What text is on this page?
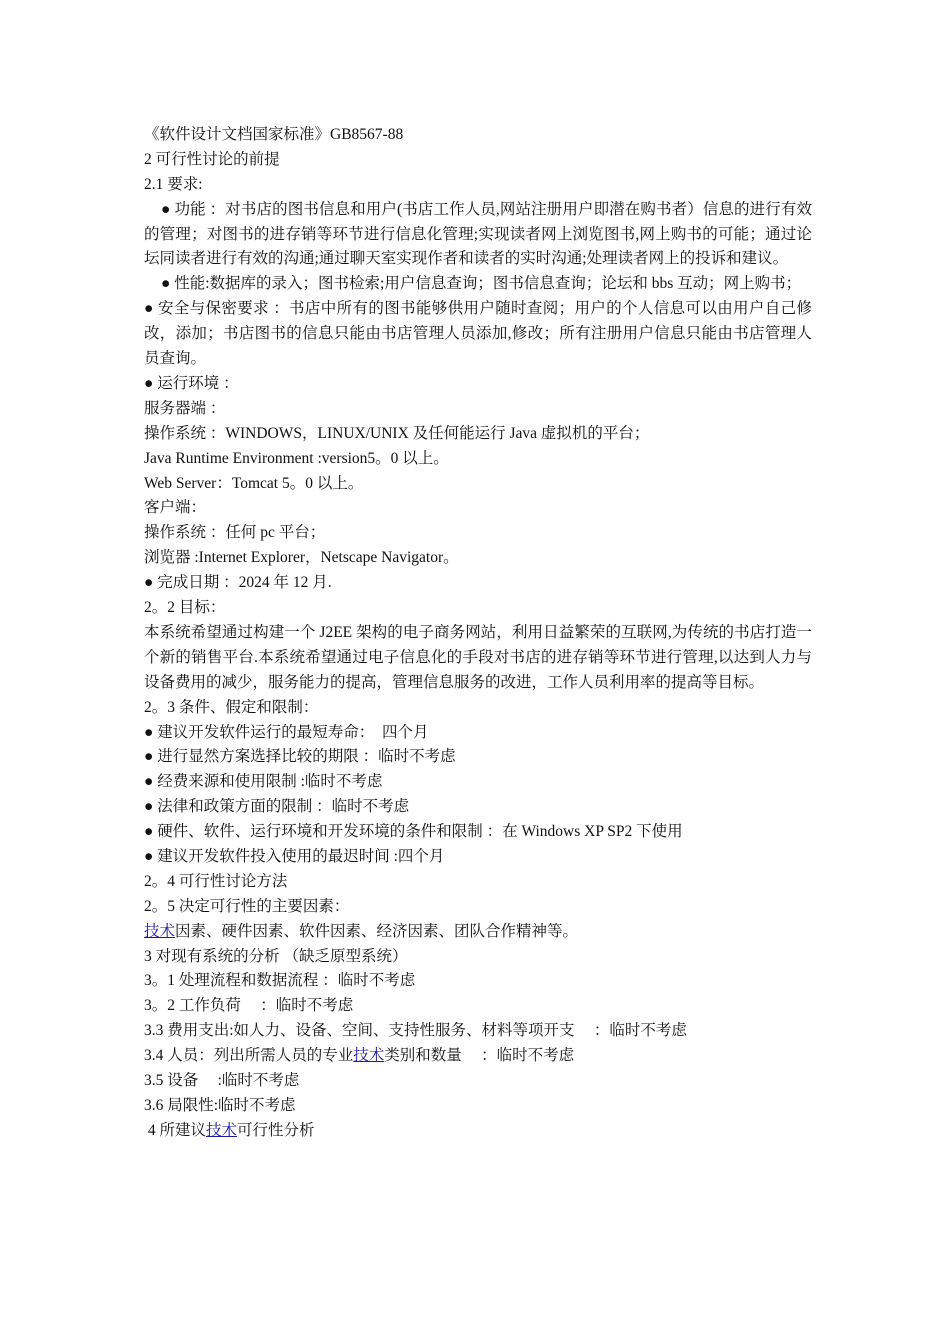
《软件设计文档国家标准》GB8567-88
2 可行性讨论的前提
2.1 要求:
● 功能 ：对书店的图书信息和用户(书店工作人员,网站注册用户即潜在购书者）信息的进行有效的管理；对图书的进存销等环节进行信息化管理;实现读者网上浏览图书,网上购书的可能；通过论坛同读者进行有效的沟通;通过聊天室实现作者和读者的实时沟通;处理读者网上的投诉和建议。
● 性能:数据库的录入；图书检索;用户信息查询；图书信息查询；论坛和 bbs 互动；网上购书；
● 安全与保密要求 ：书店中所有的图书能够供用户随时查阅；用户的个人信息可以由用户自己修改，添加；书店图书的信息只能由书店管理人员添加,修改；所有注册用户信息只能由书店管理人员查询。
● 运行环境 ：
服务器端 ：
操作系统 ：WINDOWS，LINUX/UNIX 及任何能运行 Java 虚拟机的平台；
Java Runtime Environment :version5。0 以上。
Web Server：Tomcat 5。0 以上。
客户端：
操作系统 ：任何 pc 平台；
浏览器 :Internet Explorer，Netscape Navigator。
● 完成日期 ：2024 年 12 月.
2。2 目标：
本系统希望通过构建一个 J2EE 架构的电子商务网站，利用日益繁荣的互联网,为传统的书店打造一个新的销售平台.本系统希望通过电子信息化的手段对书店的进存销等环节进行管理,以达到人力与设备费用的减少，服务能力的提高，管理信息服务的改进，工作人员利用率的提高等目标。
2。3 条件、假定和限制：
● 建议开发软件运行的最短寿命：  四个月
● 进行显然方案选择比较的期限 ：临时不考虑
● 经费来源和使用限制 :临时不考虑
● 法律和政策方面的限制 ：临时不考虑
● 硬件、软件、运行环境和开发环境的条件和限制 ：在 Windows XP SP2 下使用
● 建议开发软件投入使用的最迟时间 :四个月
2。4 可行性讨论方法
2。5 决定可行性的主要因素：
技术因素、硬件因素、软件因素、经济因素、团队合作精神等。
3 对现有系统的分析 （缺乏原型系统）
3。1 处理流程和数据流程 ：临时不考虑
3。2 工作负荷     ：临时不考虑
3.3 费用支出:如人力、设备、空间、支持性服务、材料等项开支     ：临时不考虑
3.4 人员：列出所需人员的专业技术类别和数量     ：临时不考虑
3.5 设备     :临时不考虑
3.6 局限性:临时不考虑
4 所建议技术可行性分析
